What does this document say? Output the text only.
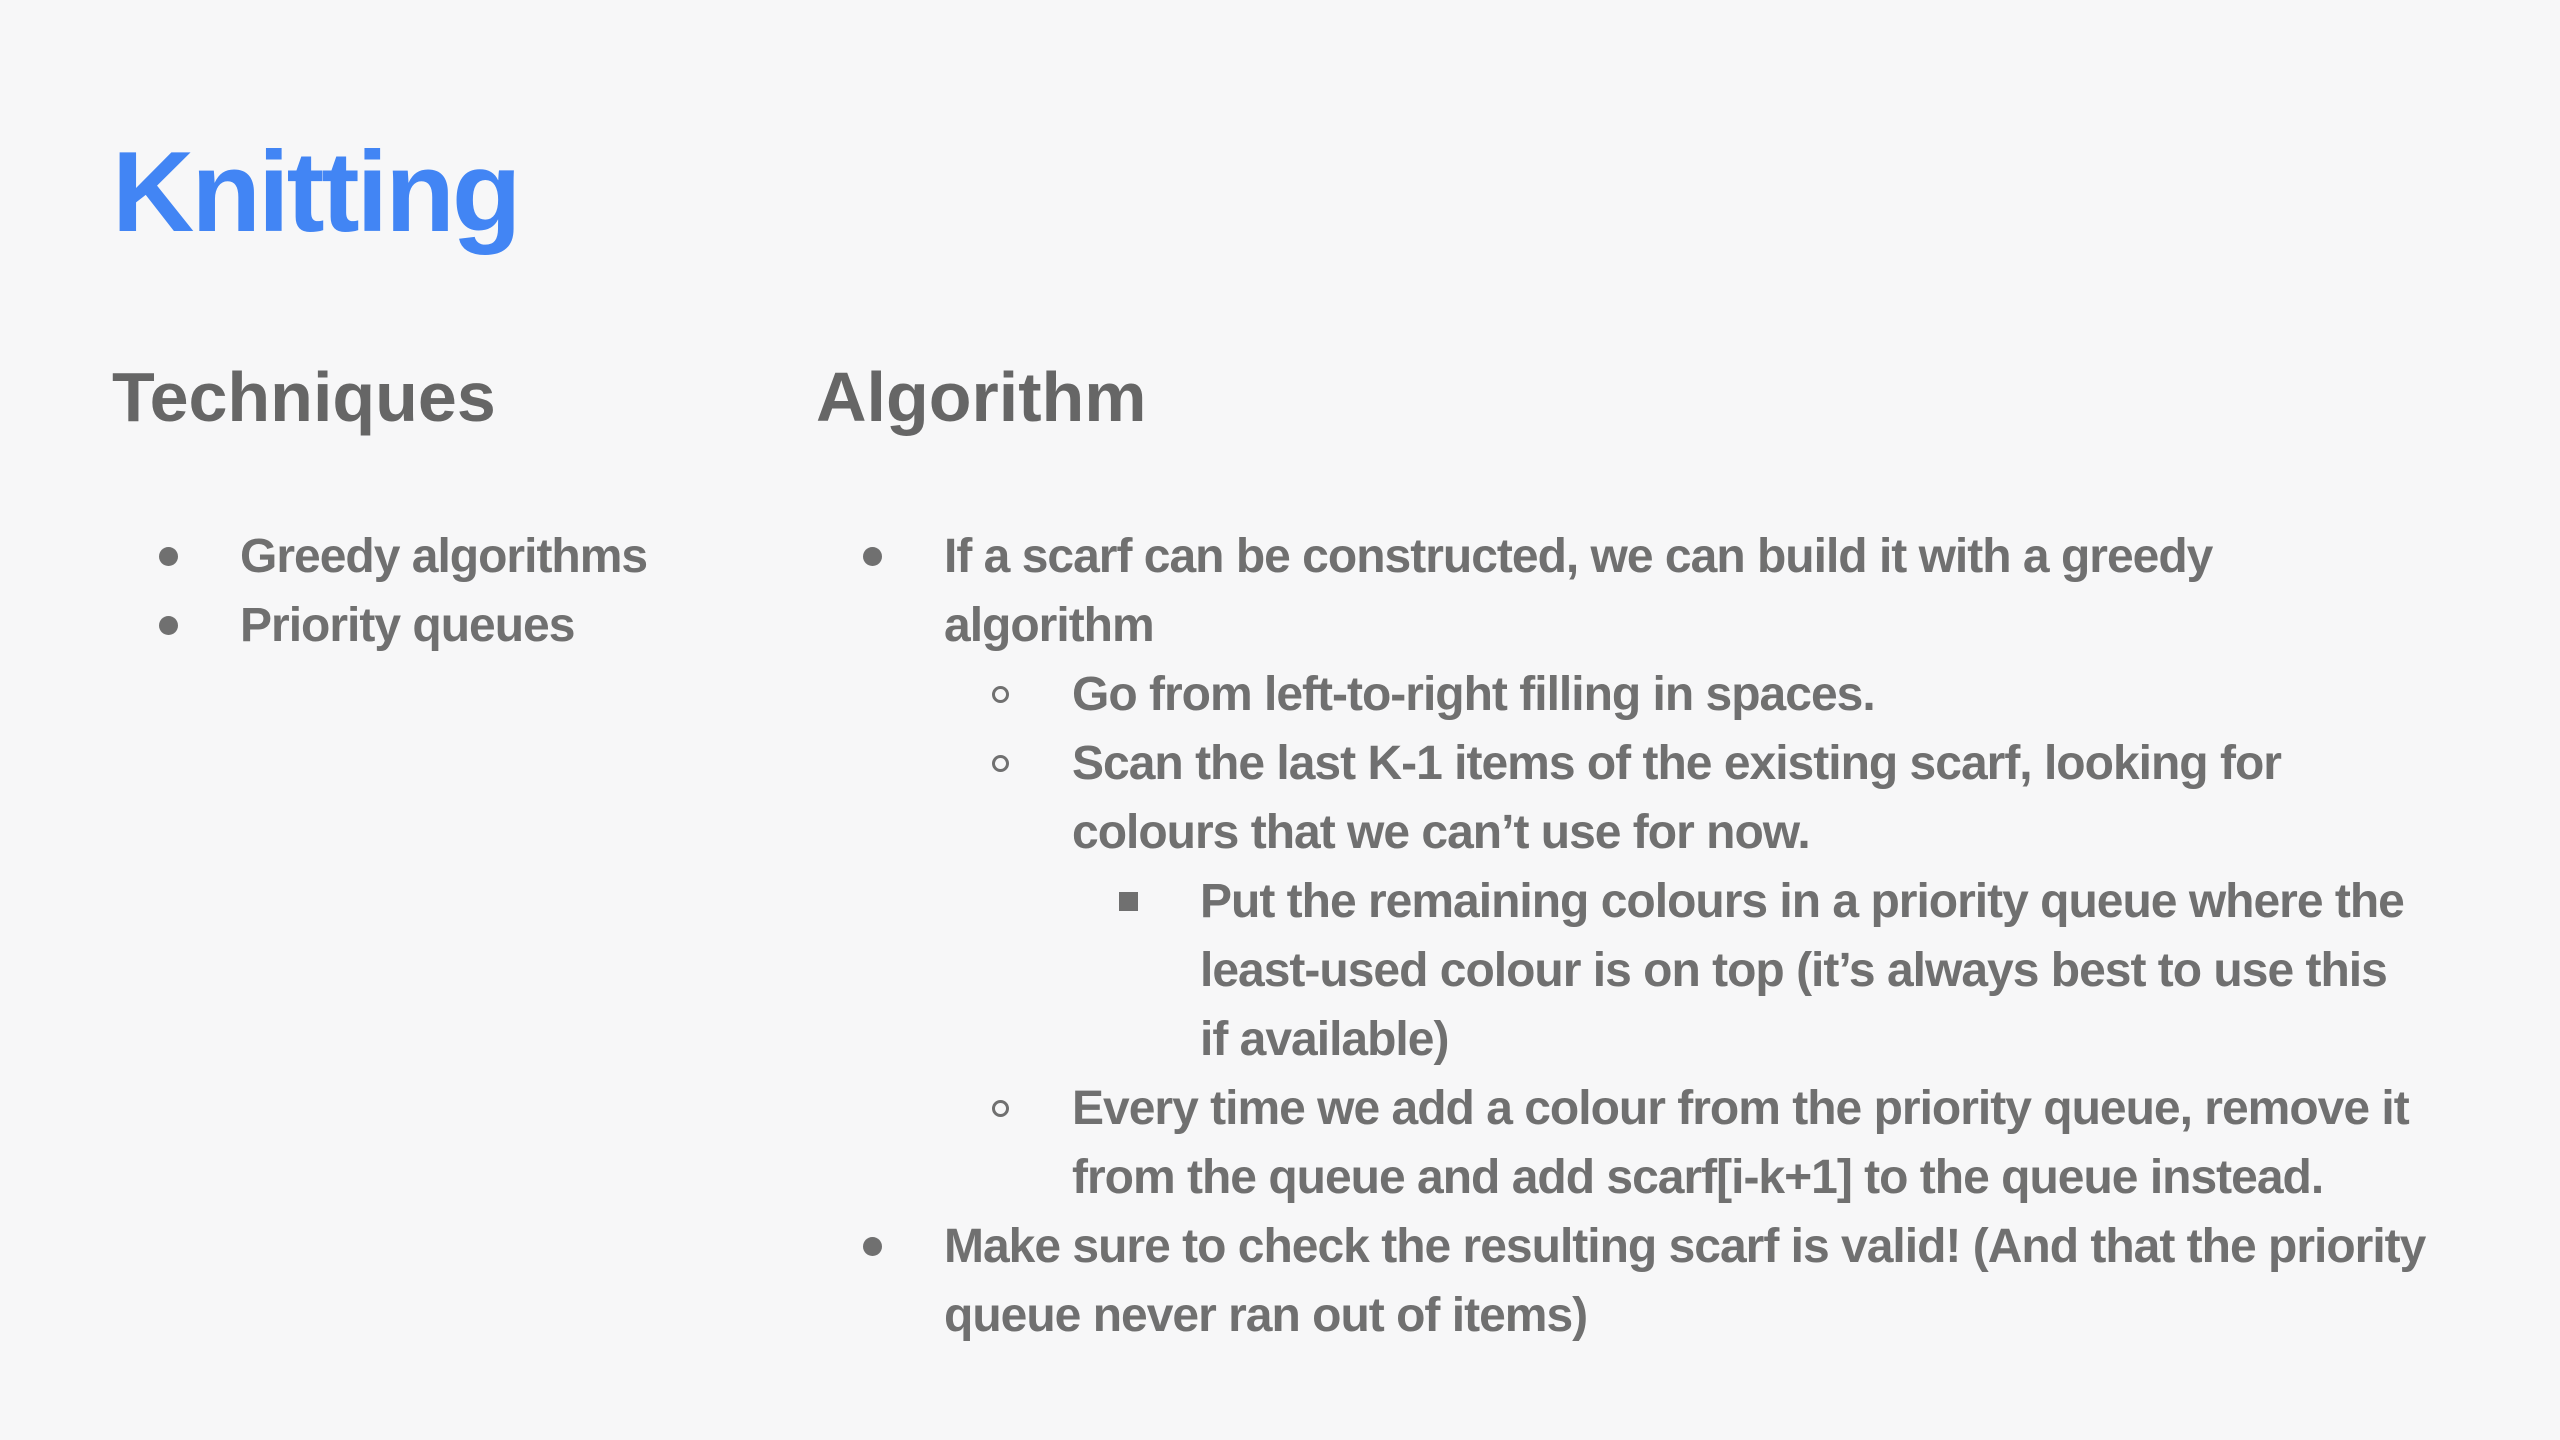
Knitting
Techniques	Algorithm
Greedy algorithms
Priority queues
If a scarf can be constructed, we can build it with a greedy algorithm
Go from left-to-right filling in spaces.
Scan the last K-1 items of the existing scarf, looking for colours that we can’t use for now.
Put the remaining colours in a priority queue where the least-used colour is on top (it’s always best to use this if available)
Every time we add a colour from the priority queue, remove it from the queue and add scarf[i-k+1] to the queue instead.
Make sure to check the resulting scarf is valid! (And that the priority queue never ran out of items)
